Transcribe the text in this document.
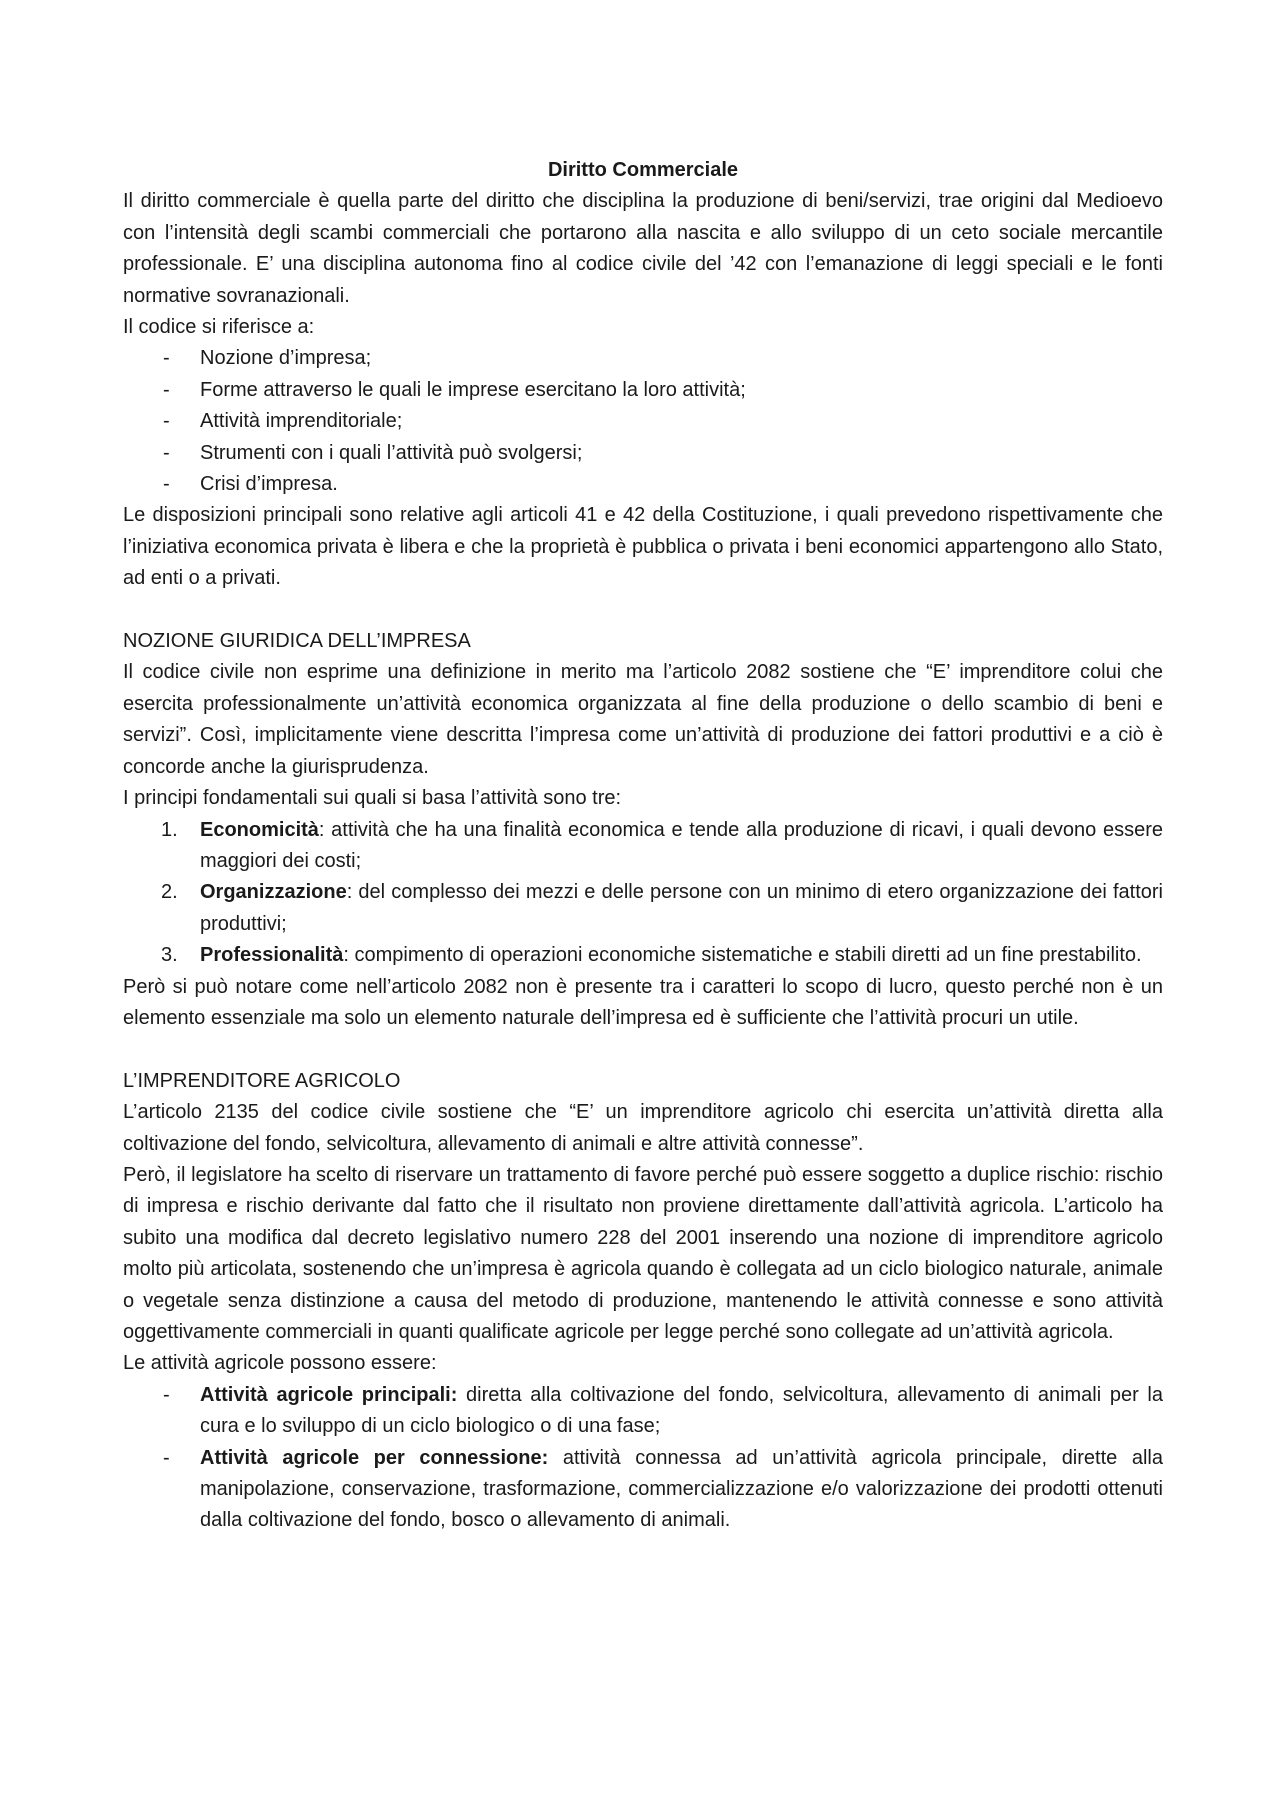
Diritto Commerciale

Il diritto commerciale è quella parte del diritto che disciplina la produzione di beni/servizi, trae origini dal Medioevo con l’intensità degli scambi commerciali che portarono alla nascita e allo sviluppo di un ceto sociale mercantile professionale. E’ una disciplina autonoma fino al codice civile del ’42 con l’emanazione di leggi speciali e le fonti normative sovranazionali.

Il codice si riferisce a:

- Nozione d’impresa;
- Forme attraverso le quali le imprese esercitano la loro attività;
- Attività imprenditoriale;
- Strumenti con i quali l’attività può svolgersi;
- Crisi d’impresa.

Le disposizioni principali sono relative agli articoli 41 e 42 della Costituzione, i quali prevedono rispettivamente che l’iniziativa economica privata è libera e che la proprietà è pubblica o privata i beni economici appartengono allo Stato, ad enti o a privati.

NOZIONE GIURIDICA DELL’IMPRESA

Il codice civile non esprime una definizione in merito ma l’articolo 2082 sostiene che “E’ imprenditore colui che esercita professionalmente un’attività economica organizzata al fine della produzione o dello scambio di beni e servizi”. Così, implicitamente viene descritta l’impresa come un’attività di produzione dei fattori produttivi e a ciò è concorde anche la giurisprudenza.

I principi fondamentali sui quali si basa l’attività sono tre:

1. Economicità: attività che ha una finalità economica e tende alla produzione di ricavi, i quali devono essere maggiori dei costi;
2. Organizzazione: del complesso dei mezzi e delle persone con un minimo di etero organizzazione dei fattori produttivi;
3. Professionalità: compimento di operazioni economiche sistematiche e stabili diretti ad un fine prestabilito.

Però si può notare come nell’articolo 2082 non è presente tra i caratteri lo scopo di lucro, questo perché non è un elemento essenziale ma solo un elemento naturale dell’impresa ed è sufficiente che l’attività procuri un utile.

L’IMPRENDITORE AGRICOLO

L’articolo 2135 del codice civile sostiene che “E’ un imprenditore agricolo chi esercita un’attività diretta alla coltivazione del fondo, selvicoltura, allevamento di animali e altre attività connesse”.

Però, il legislatore ha scelto di riservare un trattamento di favore perché può essere soggetto a duplice rischio: rischio di impresa e rischio derivante dal fatto che il risultato non proviene direttamente dall’attività agricola. L’articolo ha subito una modifica dal decreto legislativo numero 228 del 2001 inserendo una nozione di imprenditore agricolo molto più articolata, sostenendo che un’impresa è agricola quando è collegata ad un ciclo biologico naturale, animale o vegetale senza distinzione a causa del metodo di produzione, mantenendo le attività connesse e sono attività oggettivamente commerciali in quanti qualificate agricole per legge perché sono collegate ad un’attività agricola.

Le attività agricole possono essere:

- Attività agricole principali: diretta alla coltivazione del fondo, selvicoltura, allevamento di animali per la cura e lo sviluppo di un ciclo biologico o di una fase;
- Attività agricole per connessione: attività connessa ad un’attività agricola principale, dirette alla manipolazione, conservazione, trasformazione, commercializzazione e/o valorizzazione dei prodotti ottenuti dalla coltivazione del fondo, bosco o allevamento di animali.
